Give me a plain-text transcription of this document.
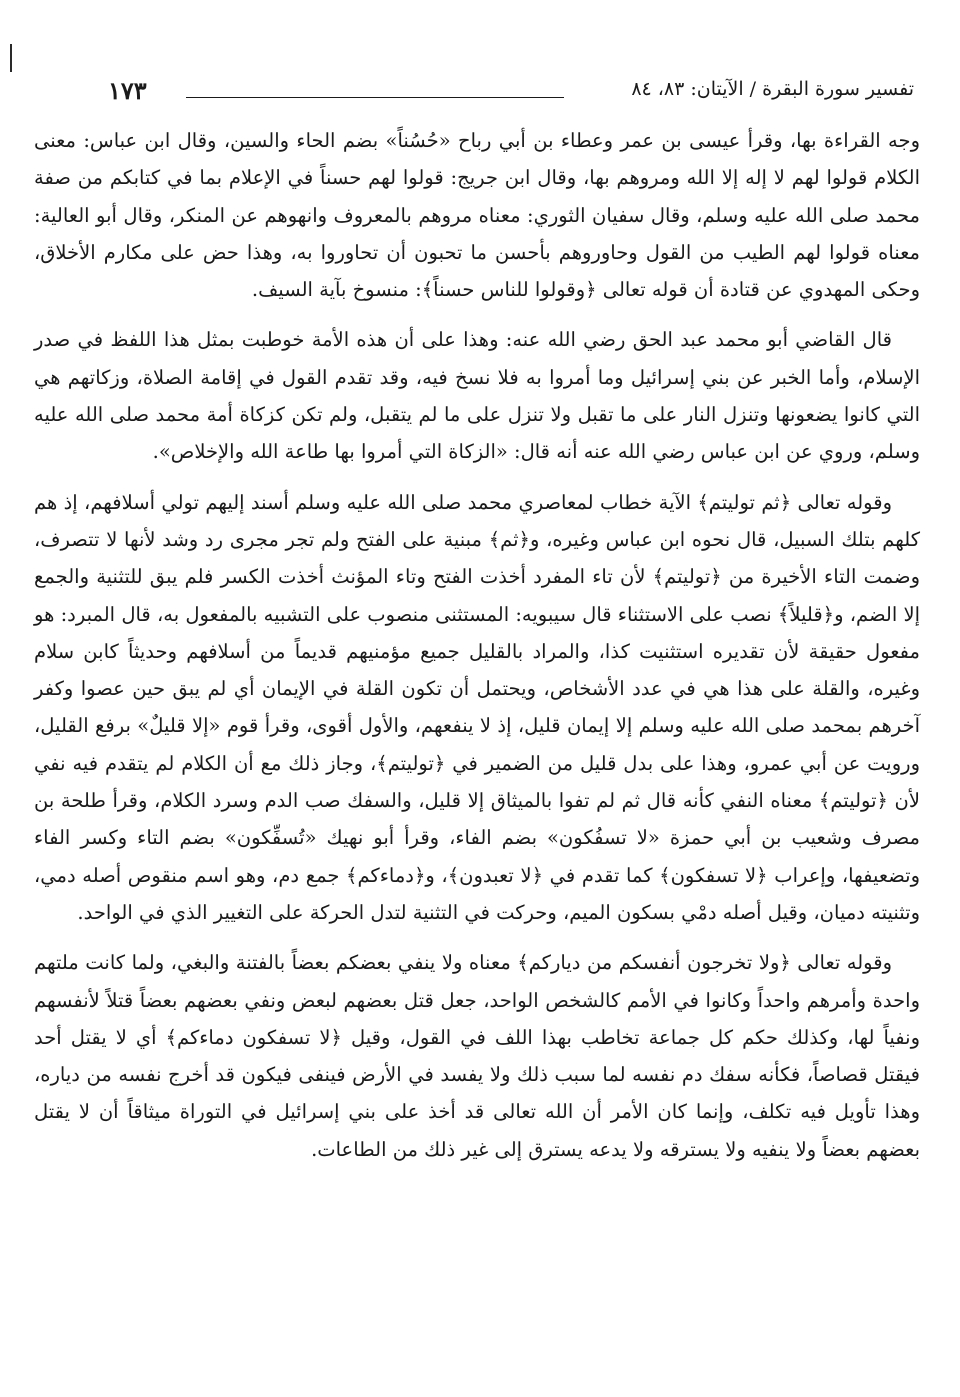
تفسير سورة البقرة / الآيتان: ٨٣، ٨٤
١٧٣

وجه القراءة بها، وقرأ عيسى بن عمر وعطاء بن أبي رباح «حُسُناً» بضم الحاء والسين، وقال ابن عباس: معنى الكلام قولوا لهم لا إله إلا الله ومروهم بها، وقال ابن جريج: قولوا لهم حسناً في الإعلام بما في كتابكم من صفة محمد صلى الله عليه وسلم، وقال سفيان الثوري: معناه مروهم بالمعروف وانهوهم عن المنكر، وقال أبو العالية: معناه قولوا لهم الطيب من القول وحاوروهم بأحسن ما تحبون أن تحاوروا به، وهذا حض على مكارم الأخلاق، وحكى المهدوي عن قتادة أن قوله تعالى ﴿وقولوا للناس حسناً﴾: منسوخ بآية السيف.

قال القاضي أبو محمد عبد الحق رضي الله عنه: وهذا على أن هذه الأمة خوطبت بمثل هذا اللفظ في صدر الإسلام، وأما الخبر عن بني إسرائيل وما أمروا به فلا نسخ فيه، وقد تقدم القول في إقامة الصلاة، وزكاتهم هي التي كانوا يضعونها وتنزل النار على ما تقبل ولا تنزل على ما لم يتقبل، ولم تكن كزكاة أمة محمد صلى الله عليه وسلم، وروي عن ابن عباس رضي الله عنه أنه قال: «الزكاة التي أمروا بها طاعة الله والإخلاص».

وقوله تعالى ﴿ثم توليتم﴾ الآية خطاب لمعاصري محمد صلى الله عليه وسلم أسند إليهم تولي أسلافهم، إذ هم كلهم بتلك السبيل، قال نحوه ابن عباس وغيره، و﴿ثم﴾ مبنية على الفتح ولم تجر مجرى رد وشد لأنها لا تتصرف، وضمت التاء الأخيرة من ﴿توليتم﴾ لأن تاء المفرد أخذت الفتح وتاء المؤنث أخذت الكسر فلم يبق للتثنية والجمع إلا الضم، و﴿قليلاً﴾ نصب على الاستثناء قال سيبويه: المستثنى منصوب على التشبيه بالمفعول به، قال المبرد: هو مفعول حقيقة لأن تقديره استثنيت كذا، والمراد بالقليل جميع مؤمنيهم قديماً من أسلافهم وحديثاً كابن سلام وغيره، والقلة على هذا هي في عدد الأشخاص، ويحتمل أن تكون القلة في الإيمان أي لم يبق حين عصوا وكفر آخرهم بمحمد صلى الله عليه وسلم إلا إيمان قليل، إذ لا ينفعهم، والأول أقوى، وقرأ قوم «إلا قليلٌ» برفع القليل، ورويت عن أبي عمرو، وهذا على بدل قليل من الضمير في ﴿توليتم﴾، وجاز ذلك مع أن الكلام لم يتقدم فيه نفي لأن ﴿توليتم﴾ معناه النفي كأنه قال ثم لم تفوا بالميثاق إلا قليل، والسفك صب الدم وسرد الكلام، وقرأ طلحة بن مصرف وشعيب بن أبي حمزة «لا تسفُكون» بضم الفاء، وقرأ أبو نهيك «تُسفِّكون» بضم التاء وكسر الفاء وتضعيفها، وإعراب ﴿لا تسفكون﴾ كما تقدم في ﴿لا تعبدون﴾، و﴿دماءكم﴾ جمع دم، وهو اسم منقوص أصله دمي، وتثنيته دميان، وقيل أصله دمْي بسكون الميم، وحركت في التثنية لتدل الحركة على التغيير الذي في الواحد.

وقوله تعالى ﴿ولا تخرجون أنفسكم من دياركم﴾ معناه ولا ينفي بعضكم بعضاً بالفتنة والبغي، ولما كانت ملتهم واحدة وأمرهم واحداً وكانوا في الأمم كالشخص الواحد، جعل قتل بعضهم لبعض ونفي بعضهم بعضاً قتلاً لأنفسهم ونفياً لها، وكذلك حكم كل جماعة تخاطب بهذا اللف في القول، وقيل ﴿لا تسفكون دماءكم﴾ أي لا يقتل أحد فيقتل قصاصاً، فكأنه سفك دم نفسه لما سبب ذلك ولا يفسد في الأرض فينفى فيكون قد أخرج نفسه من دياره، وهذا تأويل فيه تكلف، وإنما كان الأمر أن الله تعالى قد أخذ على بني إسرائيل في التوراة ميثاقاً أن لا يقتل بعضهم بعضاً ولا ينفيه ولا يسترقه ولا يدعه يسترق إلى غير ذلك من الطاعات.
